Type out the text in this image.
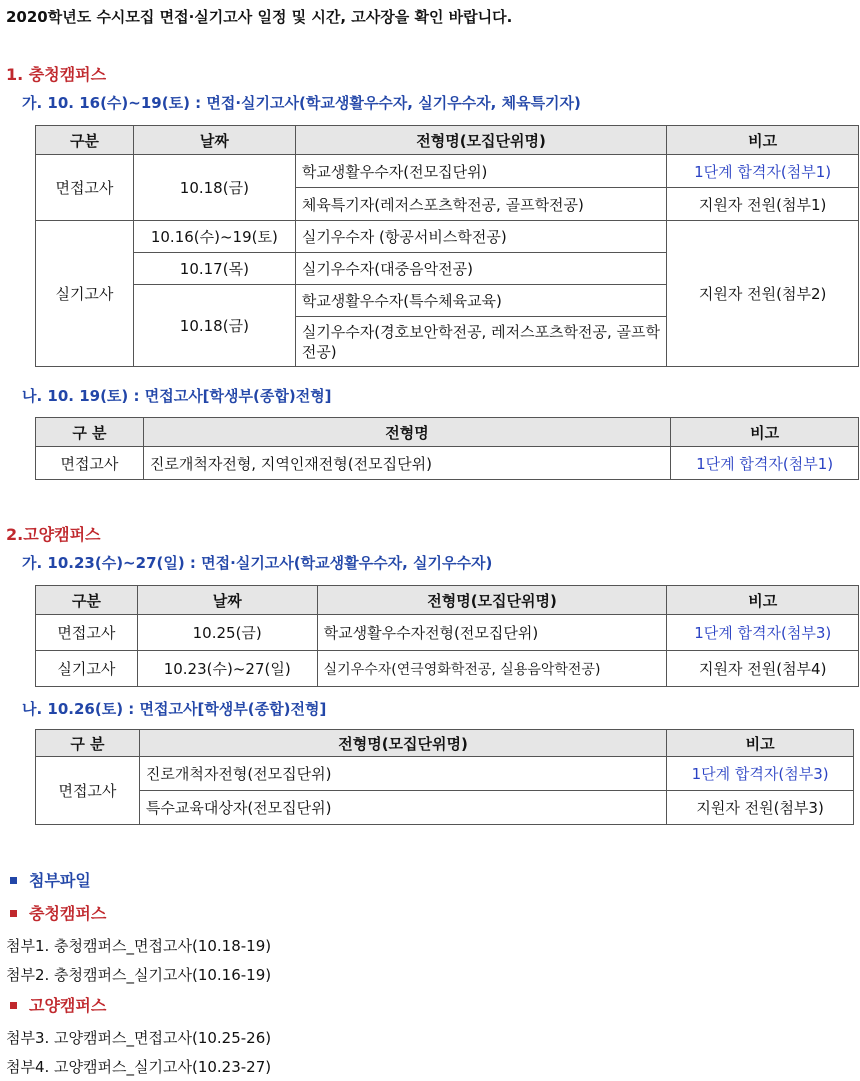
2020학년도 수시모집 면접·실기고사 일정 및 시간, 고사장을 확인 바랍니다.
1. 충청캠퍼스
가. 10. 16(수)~19(토) : 면접·실기고사(학교생활우수자, 실기우수자, 체육특기자)
구분	날짜	전형명(모집단위명)	비고
면접고사	10.18(금)	학교생활우수자(전모집단위)	1단계 합격자(첨부1)
		체육특기자(레저스포츠학전공, 골프학전공)	지원자 전원(첨부1)
실기고사	10.16(수)~19(토)	실기우수자 (항공서비스학전공)	지원자 전원(첨부2)
	10.17(목)	실기우수자(대중음악전공)	
	10.18(금)	학교생활우수자(특수체육교육)	
		실기우수자(경호보안학전공, 레저스포츠학전공, 골프학전공)	
나. 10. 19(토) : 면접고사[학생부(종합)전형]
구 분	전형명	비고
면접고사	진로개척자전형, 지역인재전형(전모집단위)	1단계 합격자(첨부1)
2.고양캠퍼스
가. 10.23(수)~27(일) : 면접·실기고사(학교생활우수자, 실기우수자)
구분	날짜	전형명(모집단위명)	비고
면접고사	10.25(금)	학교생활우수자전형(전모집단위)	1단계 합격자(첨부3)
실기고사	10.23(수)~27(일)	실기우수자(연극영화학전공, 실용음악학전공)	지원자 전원(첨부4)
나. 10.26(토) : 면접고사[학생부(종합)전형]
구 분	전형명(모집단위명)	비고
면접고사	진로개척자전형(전모집단위)	1단계 합격자(첨부3)
	특수교육대상자(전모집단위)	지원자 전원(첨부3)
첨부파일
충청캠퍼스
첨부1. 충청캠퍼스_면접고사(10.18-19)
첨부2. 충청캠퍼스_실기고사(10.16-19)
고양캠퍼스
첨부3. 고양캠퍼스_면접고사(10.25-26)
첨부4. 고양캠퍼스_실기고사(10.23-27)
